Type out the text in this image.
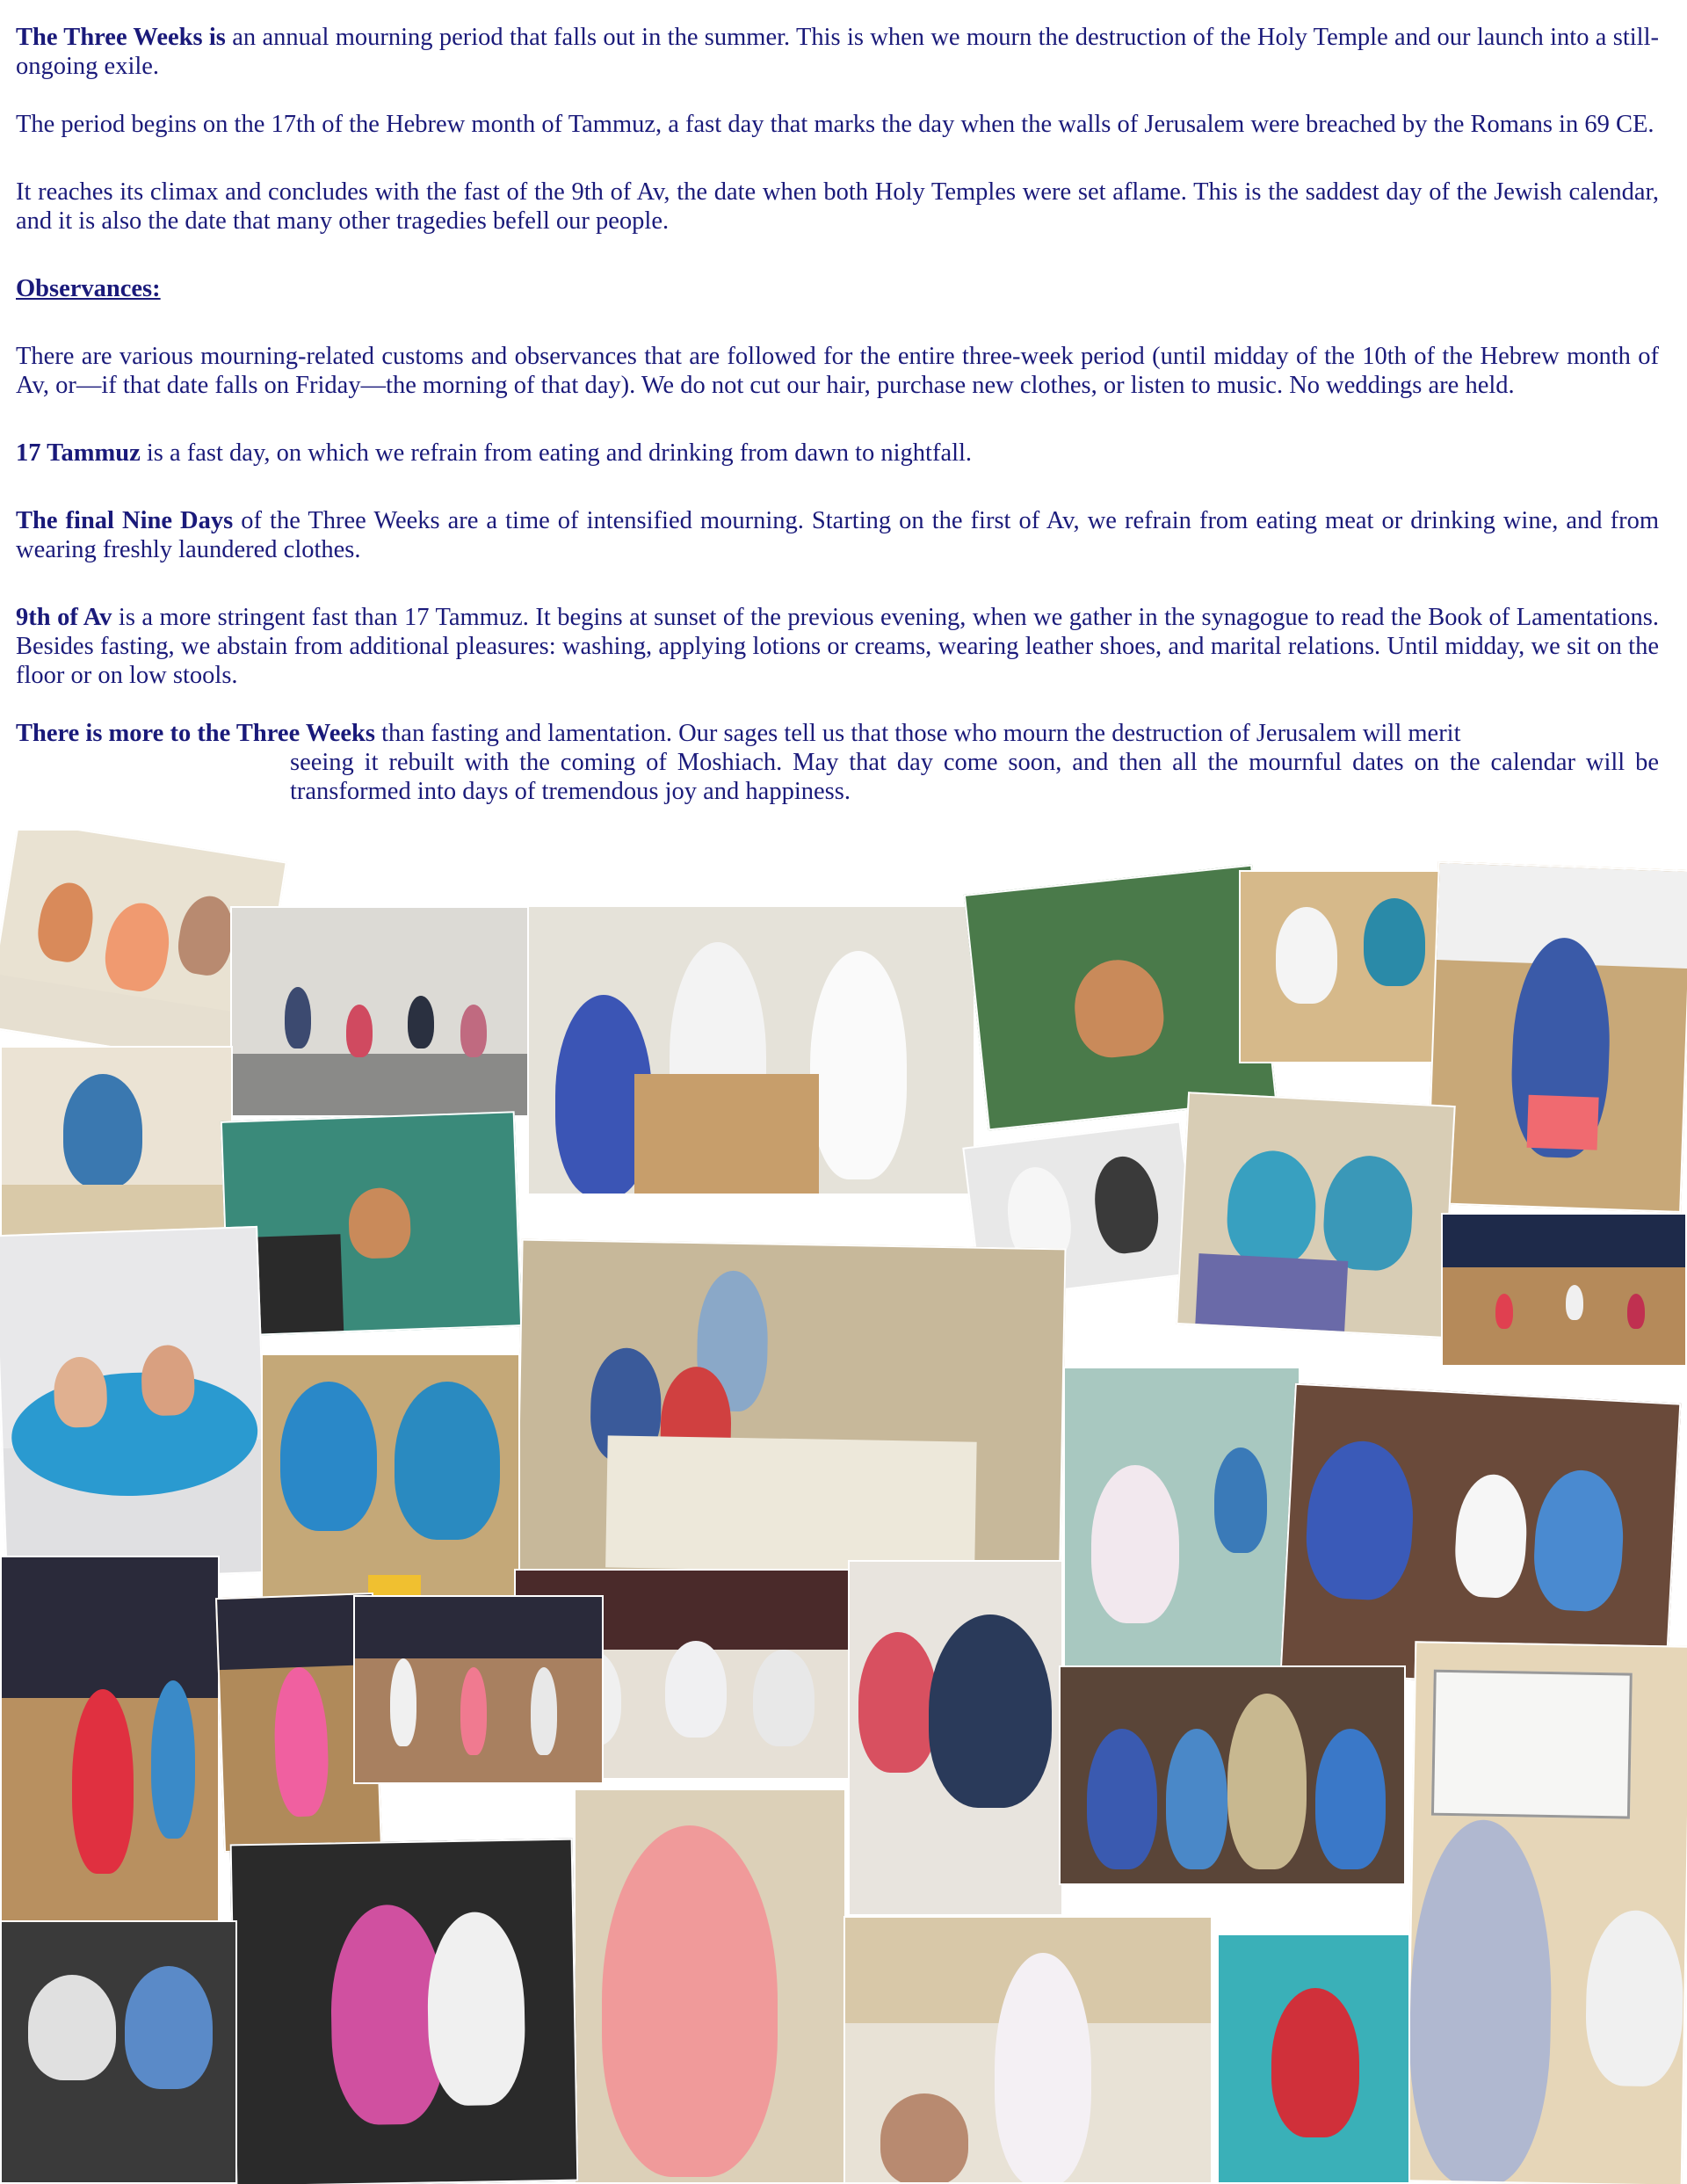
The Three Weeks is an annual mourning period that falls out in the summer. This is when we mourn the destruction of the Holy Temple and our launch into a still-ongoing exile.

The period begins on the 17th of the Hebrew month of Tammuz, a fast day that marks the day when the walls of Jerusalem were breached by the Romans in 69 CE.

It reaches its climax and concludes with the fast of the 9th of Av, the date when both Holy Temples were set aflame. This is the saddest day of the Jewish calendar, and it is also the date that many other tragedies befell our people.

Observances:

There are various mourning-related customs and observances that are followed for the entire three-week period (until midday of the 10th of the Hebrew month of Av, or—if that date falls on Friday—the morning of that day). We do not cut our hair, purchase new clothes, or listen to music. No weddings are held.

17 Tammuz is a fast day, on which we refrain from eating and drinking from dawn to nightfall.

The final Nine Days of the Three Weeks are a time of intensified mourning. Starting on the first of Av, we refrain from eating meat or drinking wine, and from wearing freshly laundered clothes.

9th of Av is a more stringent fast than 17 Tammuz. It begins at sunset of the previous evening, when we gather in the synagogue to read the Book of Lamentations. Besides fasting, we abstain from additional pleasures: washing, applying lotions or creams, wearing leather shoes, and marital relations. Until midday, we sit on the floor or on low stools.

There is more to the Three Weeks than fasting and lamentation. Our sages tell us that those who mourn the destruction of Jerusalem will merit
seeing it rebuilt with the coming of Moshiach. May that day come soon, and then all the mournful dates on the calendar will be transformed into days of tremendous joy and happiness.
